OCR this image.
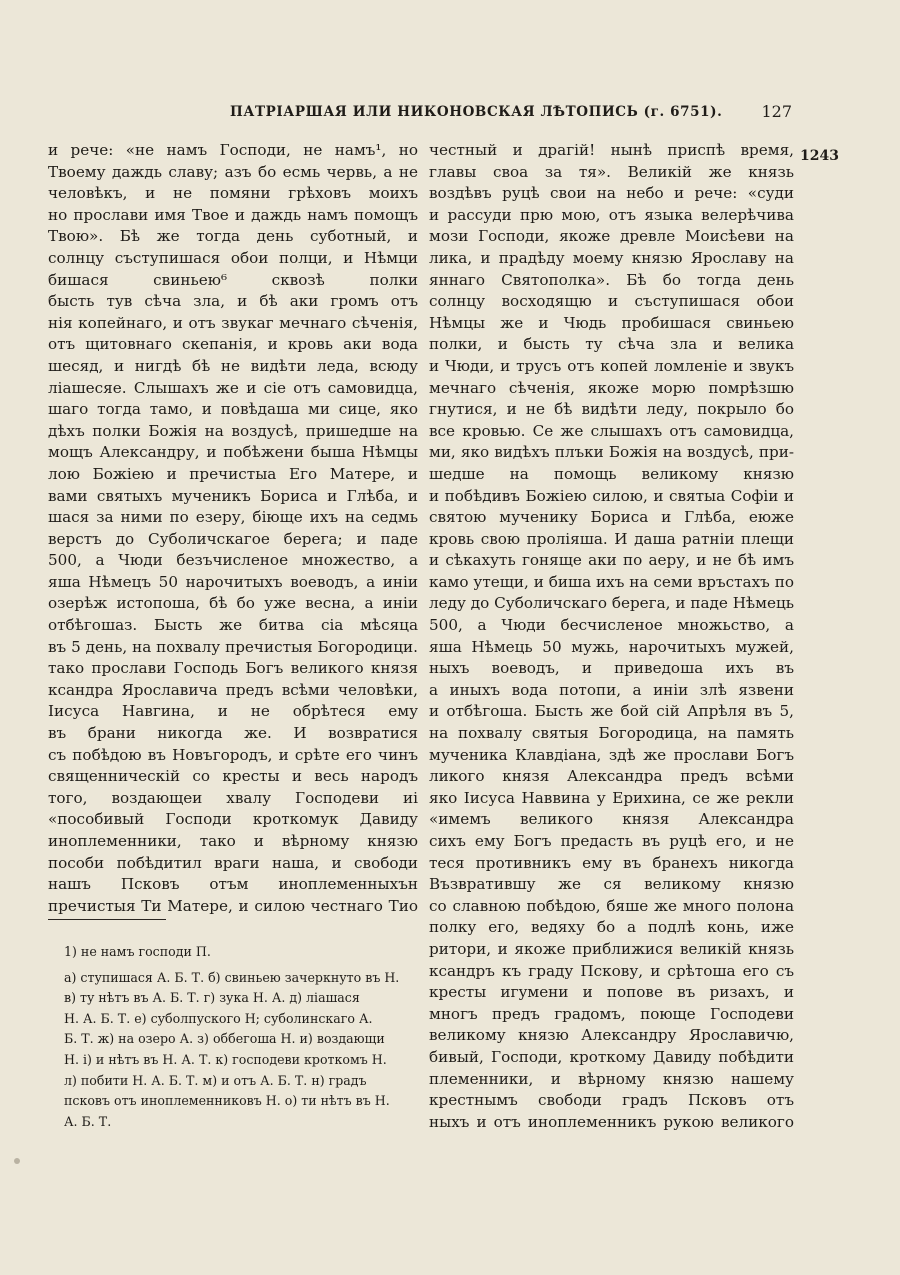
ПАТРІАРШАЯ ИЛИ НИКОНОВСКАЯ ЛѢТОПИСЬ (г. 6751). 127
1243
и рече: «не намъ Господи, не намъ¹, но
Твоему даждь славу; азъ бо есмь червь, а не
человѣкъ, и не помяни грѣховъ моихъ
но прослави имя Твое и даждь намъ помощъ
Твою». Бѣ же тогда день суботный, и
солнцу съступишася обои полци, и Нѣмци
бишася свиньею⁶ сквозѣ полки
бысть тув сѣча зла, и бѣ аки громъ отъ
нія копейнаго, и отъ звукаг мечнаго сѣченія,
отъ щитовнаго скепанія, и кровь аки вода
шесяд, и нигдѣ бѣ не видѣти леда, всюду
ліашесяе. Слышахъ же и сіе отъ самовидца,
шаго тогда тамо, и повѣдаша ми сице, яко
дѣхъ полки Божія на воздусѣ, пришедше на
мощъ Александру, и побѣжени быша Нѣмцы
лою Божіею и пречистыа Его Матере, и
вами святыхъ мученикъ Бориса и Глѣба, и
шася за ними по езеру, біюще ихъ на седмь
верстъ до Суболичскагое берега; и паде
500, а Чюди безъчисленое множество, а
яша Нѣмецъ 50 нарочитыхъ воеводъ, а инiи
озерѣж истопоша, бѣ бо уже весна, а инiи
отбѣгошаз. Бысть же битва сiа мѣсяца
въ 5 день, на похвалу пречистыя Богородици.
тако прослави Господь Богъ великого князя
ксандра Ярославича предъ всѣми человѣки,
Іисуса Навгина, и не обрѣтеся ему
въ брани никогда же. И возвратися
съ побѣдою въ Новъгородъ, и срѣте его чинъ
священническiй со кресты и весь народъ
того, воздающеи хвалу Господеви иi
«пособивый Господи кроткомук Давиду
иноплеменники, тако и вѣрному князю
пособи побѣдитил враги наша, и свободи
нашъ Псковъ отъм иноплеменныхън
пречистыя Ти Матере, и силою честнаго Тио
честный и драгій! нынѣ приспѣ время,
главы своа за тя». Великій же князь
воздѣвъ руцѣ свои на небо и рече: «суди
и рассуди прю мою, отъ языка велерѣчива
мози Господи, якоже древле Моисѣеви на
лика, и прадѣду моему князю Ярославу на
яннаго Святополка». Бѣ бо тогда день
солнцу восходящю и съступишася обои
Нѣмцы же и Чюдь пробишася свиньею
полки, и бысть ту сѣча зла и велика
и Чюди, и трусъ отъ копей ломленіе и звукъ
мечнаго сѣченія, якоже морю помрѣзшю
гнутися, и не бѣ видѣти леду, покрыло бо
все кровью. Се же слышахъ отъ самовидца,
ми, яко видѣхъ плъки Божія на воздусѣ, при-
шедше на помощь великому князю
и побѣдивъ Божіею силою, и святыа Софіи и
святою мученику Бориса и Глѣба, еюже
кровь свою проліяша. И даша ратніи плещи
и сѣкахуть гоняще аки по аеру, и не бѣ имъ
камо утещи, и биша ихъ на семи връстахъ по
леду до Суболичскаго берега, и паде Нѣмець
500, а Чюди бесчисленое множьство, а
яша Нѣмець 50 мужь, нарочитыхъ мужей,
ныхъ воеводъ, и приведоша ихъ въ
а иныхъ вода потопи, а инiи злѣ язвени
и отбѣгоша. Бысть же бой сій Апрѣля въ 5,
на похвалу святыя Богородица, на память
мученика Клавдіана, здѣ же прослави Богъ
ликого князя Александра предъ всѣми
яко Іисуса Наввина у Ерихина, се же рекли
«имемъ великого князя Александра
сихъ ему Богъ предасть въ руцѣ его, и не
теся противникъ ему въ бранехъ никогда
Възвратившу же ся великому князю
со славною побѣдою, бяше же много полона
полку его, ведяху бо а подлѣ конь, иже
ритори, и якоже приближися великій князь
ксандръ къ граду Пскову, и срѣтоша его съ
кресты игумени и попове въ ризахъ, и
многъ предъ градомъ, поюще Господеви
великому князю Александру Ярославичю,
бивый, Господи, кроткому Давиду побѣдити
племенники, и вѣрному князю нашему
крестнымъ свободи градъ Псковъ отъ
ныхъ и отъ иноплеменникъ рукою великого
1) не намъ господи П.
а) ступишася А. Б. Т. б) свиньею зачеркнуто въ Н.
в) ту нѣтъ въ А. Б. Т. г) зука Н. А. д) ліашася
Н. А. Б. Т. е) суболпуского Н; суболинскаго А.
Б. Т. ж) на озеро А. з) оббегоша Н. и) воздающи
Н. і) и нѣтъ въ Н. А. Т. к) господеви кроткомъ Н.
л) побити Н. А. Б. Т. м) и отъ А. Б. Т. н) градъ
псковъ отъ иноплеменниковъ Н. о) ти нѣтъ въ Н.
А. Б. Т.
